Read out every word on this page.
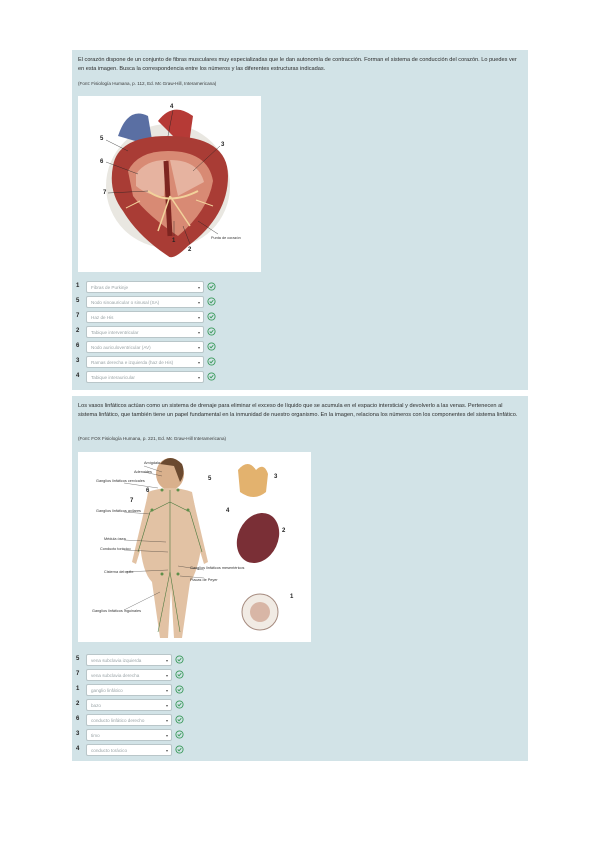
El corazón dispone de un conjunto de fibras musculares muy especializadas que le dan autonomía de contracción. Forman el sistema de conducción del corazón. Lo puedes ver en esta imagen. Busca la correspondencia entre los números y las diferentes estructuras indicadas.
(Font: Fisiología Humana, p. 112, Ed. Mc Graw-Hill, Interamericana)
4
5
3
6
7
1
2
Punta de corazón
1	Fibras de Purkinje	▾
5	Nodo sinoauricular o sinusal (SA)	▾
7	Haz de His	▾
2	Tabique interventricular	▾
6	Nodo auriculoventricular (AV)	▾
3	Ramas derecha e izquierda (haz de His)	▾
4	Tabique interauricular	▾
Los vasos linfáticos actúan como un sistema de drenaje para eliminar el exceso de líquido que se acumula en el espacio intersticial y devolverlo a las venas. Pertenecen al sistema linfático, que también tiene un papel fundamental en la inmunidad de nuestro organismo. En la imagen, relaciona los números con los componentes del sistema linfático.
(Font: FOX Fisiología Humana, p. 221, Ed. Mc Graw-Hill Interamericana)
Amígdala
Adenoides
Ganglios linfáticos cervicales
Ganglios linfáticos axilares
Médula ósea
Conducto torácico
Cisterna del quilo
Ganglios linfáticos inguinales
Ganglios linfáticos mesentéricos
Placas de Peyer
5
6
7
4
3
2
1
5	vena subclavia izquierda	▾
7	vena subclavia derecha	▾
1	ganglio linfático	▾
2	bazo	▾
6	conducto linfático derecho	▾
3	timo	▾
4	conducto torácico	▾
